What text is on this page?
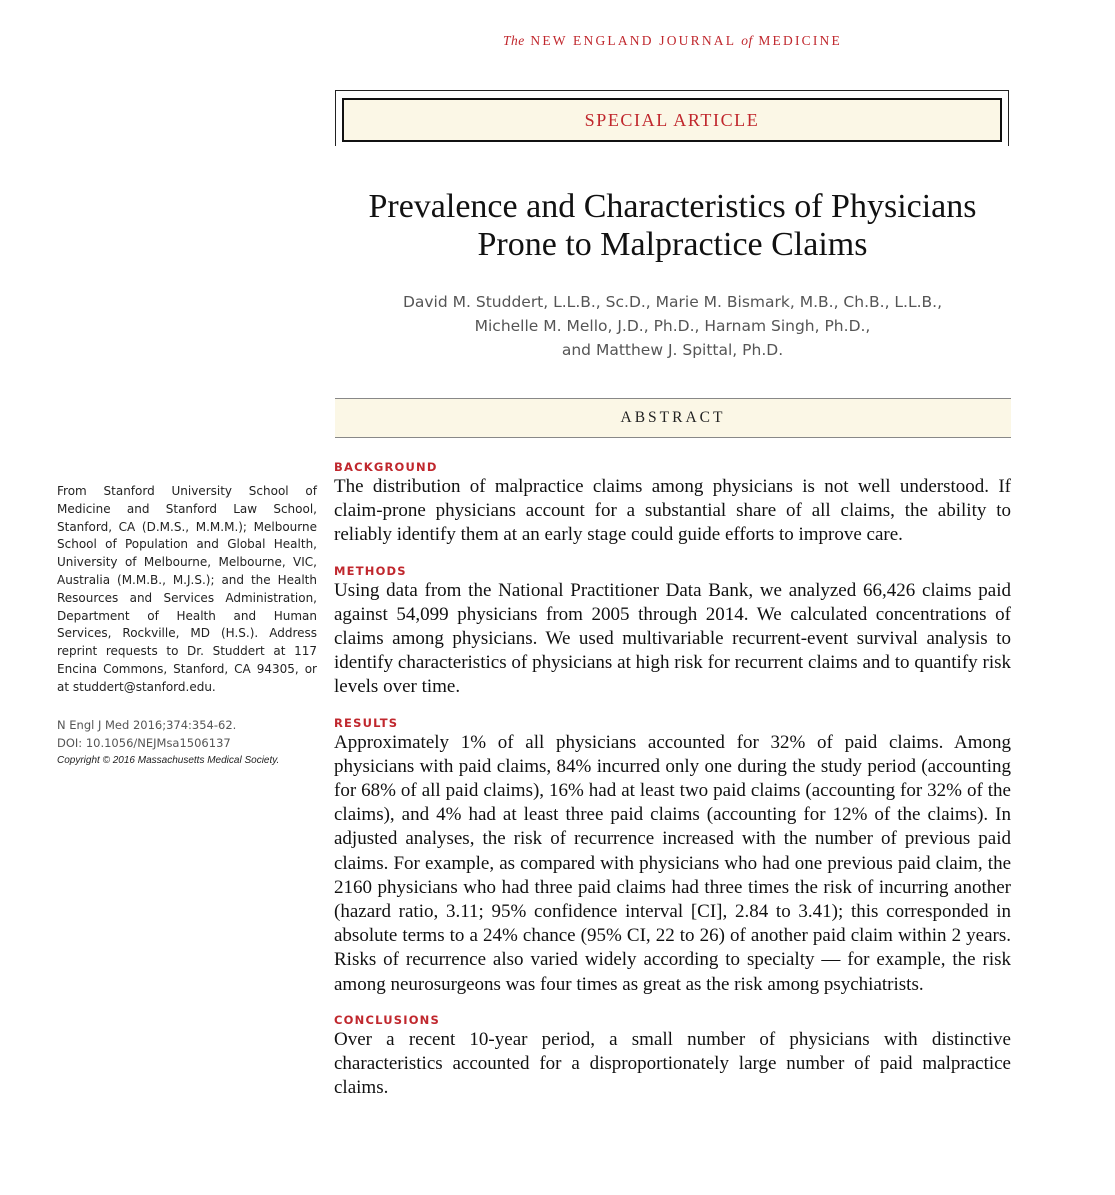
The NEW ENGLAND JOURNAL of MEDICINE
SPECIAL ARTICLE
Prevalence and Characteristics of Physicians
Prone to Malpractice Claims
David M. Studdert, L.L.B., Sc.D., Marie M. Bismark, M.B., Ch.B., L.L.B.,
Michelle M. Mello, J.D., Ph.D., Harnam Singh, Ph.D.,
and Matthew J. Spittal, Ph.D.
ABSTRACT
BACKGROUND
The distribution of malpractice claims among physicians is not well understood. If claim-prone physicians account for a substantial share of all claims, the ability to reliably identify them at an early stage could guide efforts to improve care.
METHODS
Using data from the National Practitioner Data Bank, we analyzed 66,426 claims paid against 54,099 physicians from 2005 through 2014. We calculated concentrations of claims among physicians. We used multivariable recurrent-event survival analysis to identify characteristics of physicians at high risk for recurrent claims and to quantify risk levels over time.
RESULTS
Approximately 1% of all physicians accounted for 32% of paid claims. Among physicians with paid claims, 84% incurred only one during the study period (accounting for 68% of all paid claims), 16% had at least two paid claims (accounting for 32% of the claims), and 4% had at least three paid claims (accounting for 12% of the claims). In adjusted analyses, the risk of recurrence increased with the number of previous paid claims. For example, as compared with physicians who had one previous paid claim, the 2160 physicians who had three paid claims had three times the risk of incurring another (hazard ratio, 3.11; 95% confidence interval [CI], 2.84 to 3.41); this corresponded in absolute terms to a 24% chance (95% CI, 22 to 26) of another paid claim within 2 years. Risks of recurrence also varied widely according to specialty — for example, the risk among neurosurgeons was four times as great as the risk among psychiatrists.
CONCLUSIONS
Over a recent 10-year period, a small number of physicians with distinctive characteristics accounted for a disproportionately large number of paid malpractice claims.

From Stanford University School of Medicine and Stanford Law School, Stanford, CA (D.M.S., M.M.M.); Melbourne School of Population and Global Health, University of Melbourne, Melbourne, VIC, Australia (M.M.B., M.J.S.); and the Health Resources and Services Administration, Department of Health and Human Services, Rockville, MD (H.S.). Address reprint requests to Dr. Studdert at 117 Encina Commons, Stanford, CA 94305, or at studdert@stanford.edu.

N Engl J Med 2016;374:354-62.
DOI: 10.1056/NEJMsa1506137
Copyright © 2016 Massachusetts Medical Society.
